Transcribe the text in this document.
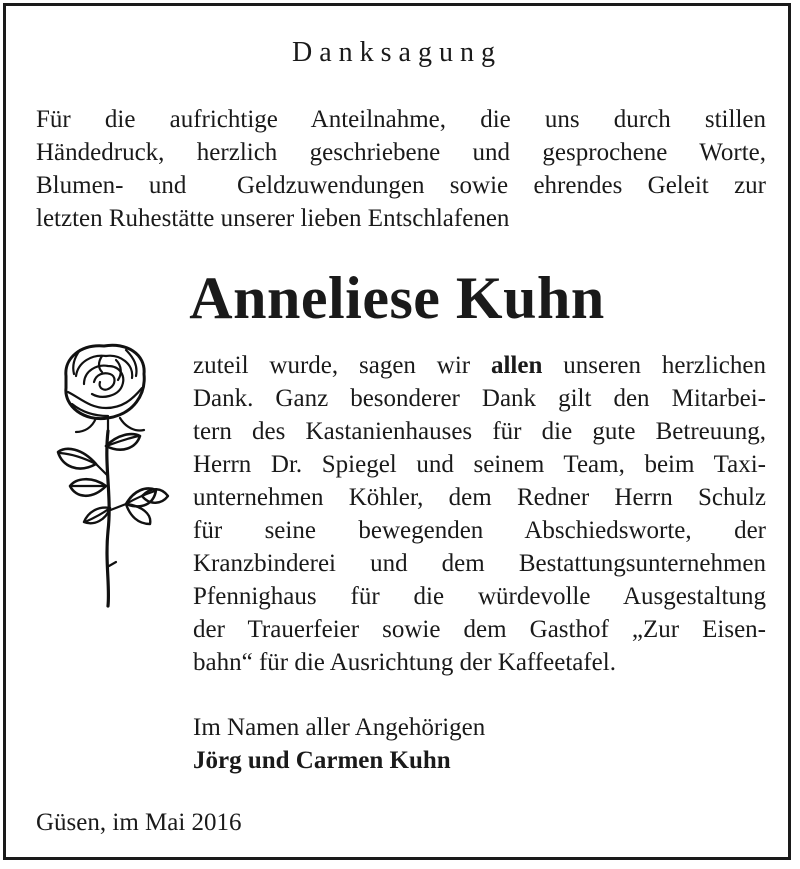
Danksagung
Für die aufrichtige Anteilnahme, die uns durch stillen
Händedruck, herzlich geschriebene und gesprochene Worte,
Blumen- und  Geldzuwendungen sowie ehrendes Geleit zur
letzten Ruhestätte unserer lieben Entschlafenen
Anneliese Kuhn
zuteil wurde, sagen wir allen unseren herzlichen
Dank. Ganz besonderer Dank gilt den Mitarbei-
tern des Kastanienhauses für die gute Betreuung,
Herrn Dr. Spiegel und seinem Team, beim Taxi-
unternehmen Köhler, dem Redner Herrn Schulz
für seine bewegenden Abschiedsworte, der
Kranzbinderei und dem Bestattungsunternehmen
Pfennighaus für die würdevolle Ausgestaltung
der Trauerfeier sowie dem Gasthof „Zur Eisen-
bahn“ für die Ausrichtung der Kaffeetafel.
Im Namen aller Angehörigen
Jörg und Carmen Kuhn
Güsen, im Mai 2016
